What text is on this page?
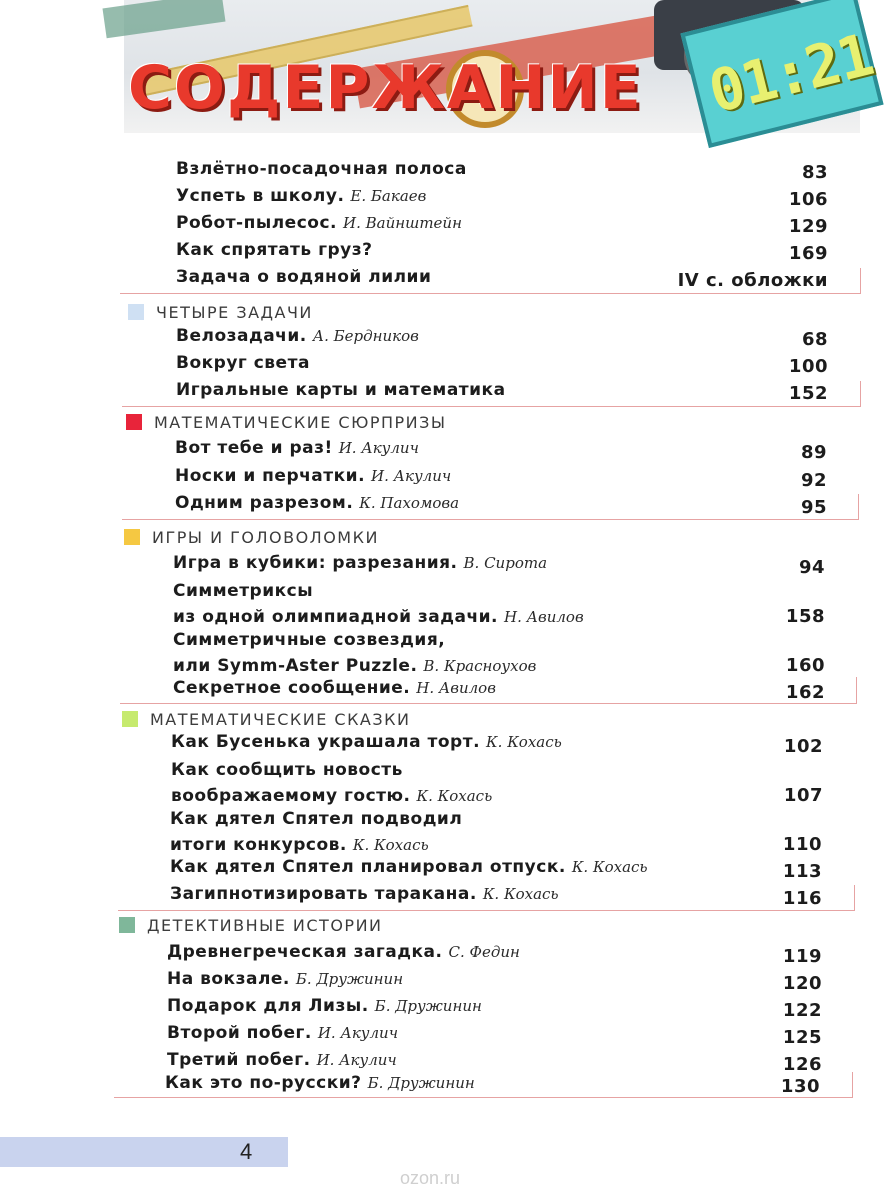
01:21
СОДЕРЖАНИЕ
Взлётно-посадочная полоса	83
Успеть в школу. Е. Бакаев	106
Робот-пылесос. И. Вайнштейн	129
Как спрятать груз?	169
Задача о водяной лилии	IV с. обложки
ЧЕТЫРЕ ЗАДАЧИ
Велозадачи. А. Бердников	68
Вокруг света	100
Игральные карты и математика	152
МАТЕМАТИЧЕСКИЕ СЮРПРИЗЫ
Вот тебе и раз! И. Акулич	89
Носки и перчатки. И. Акулич	92
Одним разрезом. К. Пахомова	95
ИГРЫ И ГОЛОВОЛОМКИ
Игра в кубики: разрезания. В. Сирота	94
Симметриксы
из одной олимпиадной задачи. Н. Авилов	158
Симметричные созвездия,
или Symm-Aster Puzzle. В. Красноухов	160
Секретное сообщение. Н. Авилов	162
МАТЕМАТИЧЕСКИЕ СКАЗКИ
Как Бусенька украшала торт. К. Кохась	102
Как сообщить новость
воображаемому гостю. К. Кохась	107
Как дятел Спятел подводил
итоги конкурсов. К. Кохась	110
Как дятел Спятел планировал отпуск. К. Кохась	113
Загипнотизировать таракана. К. Кохась	116
ДЕТЕКТИВНЫЕ ИСТОРИИ
Древнегреческая загадка. С. Федин	119
На вокзале. Б. Дружинин	120
Подарок для Лизы. Б. Дружинин	122
Второй побег. И. Акулич	125
Третий побег. И. Акулич	126
Как это по-русски? Б. Дружинин	130
4
ozon.ru
